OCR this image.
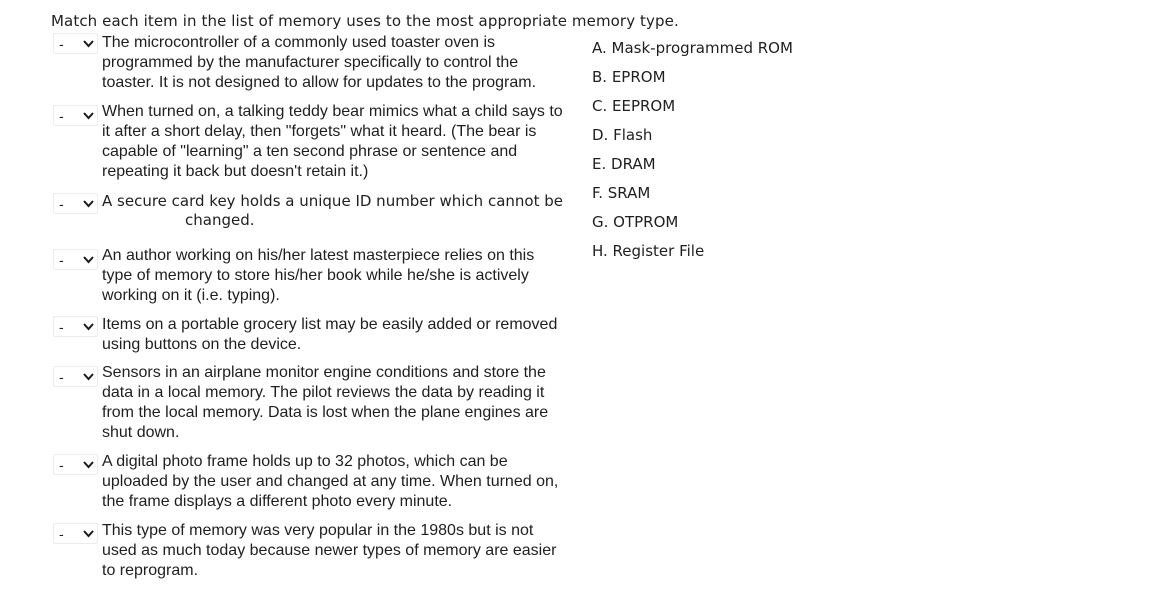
Match each item in the list of memory uses to the most appropriate memory type.
- The microcontroller of a commonly used toaster oven is
programmed by the manufacturer specifically to control the
toaster. It is not designed to allow for updates to the program.
- When turned on, a talking teddy bear mimics what a child says to
it after a short delay, then "forgets" what it heard. (The bear is
capable of "learning" a ten second phrase or sentence and
repeating it back but doesn't retain it.)
-	A secure card key holds a unique ID number which cannot be
changed.
- An author working on his/her latest masterpiece relies on this
type of memory to store his/her book while he/she is actively
working on it (i.e. typing).
- Items on a portable grocery list may be easily added or removed
using buttons on the device.
- Sensors in an airplane monitor engine conditions and store the
data in a local memory. The pilot reviews the data by reading it
from the local memory. Data is lost when the plane engines are
shut down.
- A digital photo frame holds up to 32 photos, which can be
uploaded by the user and changed at any time. When turned on,
the frame displays a different photo every minute.
- This type of memory was very popular in the 1980s but is not
used as much today because newer types of memory are easier
to reprogram.
A. Mask-programmed ROM
B. EPROM
C. EEPROM
D. Flash
E. DRAM
F. SRAM
G. OTPROM
H. Register File
